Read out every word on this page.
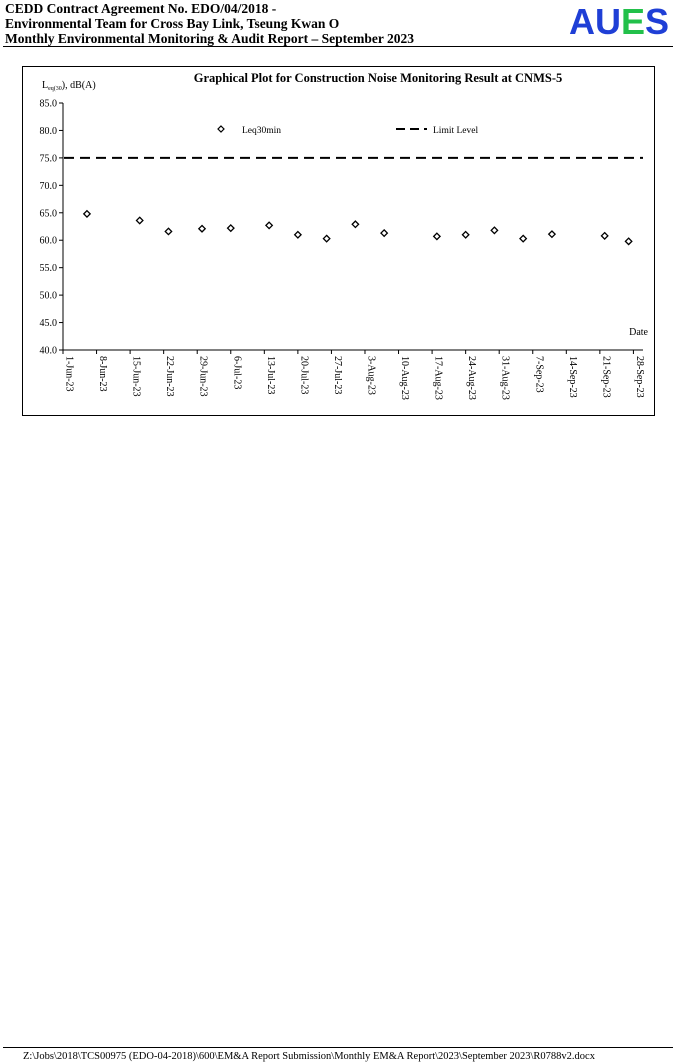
CEDD Contract Agreement No. EDO/04/2018 -
Environmental Team for Cross Bay Link, Tseung Kwan O
Monthly Environmental Monitoring & Audit Report – September 2023	AUES
Graphical Plot for Construction Noise Monitoring Result at CNMS-5
$L_{eq(30}$), dB(A)
40.0
45.0
50.0
55.0
60.0
65.0
70.0
75.0
80.0
85.0
1-Jun-23 8-Jun-23 15-Jun-23 22-Jun-23 29-Jun-23 6-Jul-23 13-Jul-23 20-Jul-23 27-Jul-23 3-Aug-23 10-Aug-23 17-Aug-23 24-Aug-23 31-Aug-23 7-Sep-23 14-Sep-23 21-Sep-23 28-Sep-23
Leq30min	Limit Level
Date
Z:\Jobs\2018\TCS00975 (EDO-04-2018)\600\EM&A Report Submission\Monthly EM&A Report\2023\September 2023\R0788v2.docx
